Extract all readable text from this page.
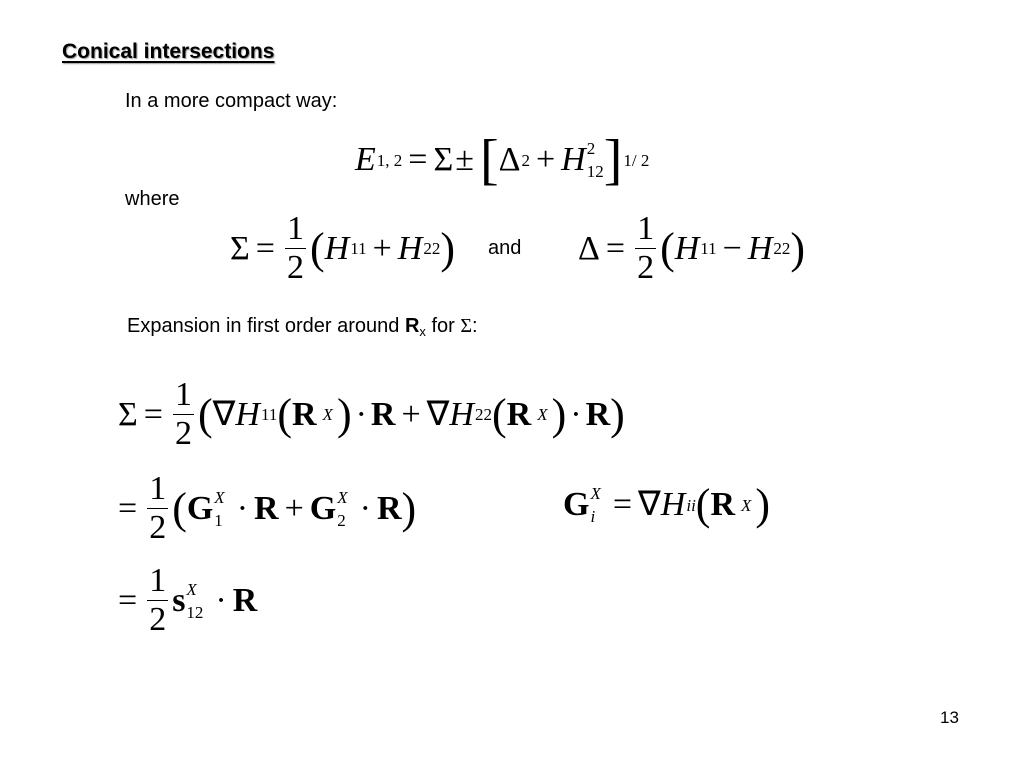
Conical intersections
In a more compact way:
E 1, 2 = Σ ± [ Δ 2 + H 2
12 ] 1/ 2
where
$\Sigma = \frac{1}{2}$ ( H 11 + H 22 ) and $\Delta = \frac{1}{2}$ ( H 11 − H 22 )
Expansion in first order around $R_x$ for Σ:
$\Sigma = \frac{1}{2}$ ( ∇ H 11 ( R X ) · R + ∇ H 22 ( R X ) · R )
= $\frac{1}{2}$ ( G X
1 · R + G X
2 · R )	G X
i = ∇ H ii ( R X )
= $\frac{1}{2}$ s X
12 · R
13
